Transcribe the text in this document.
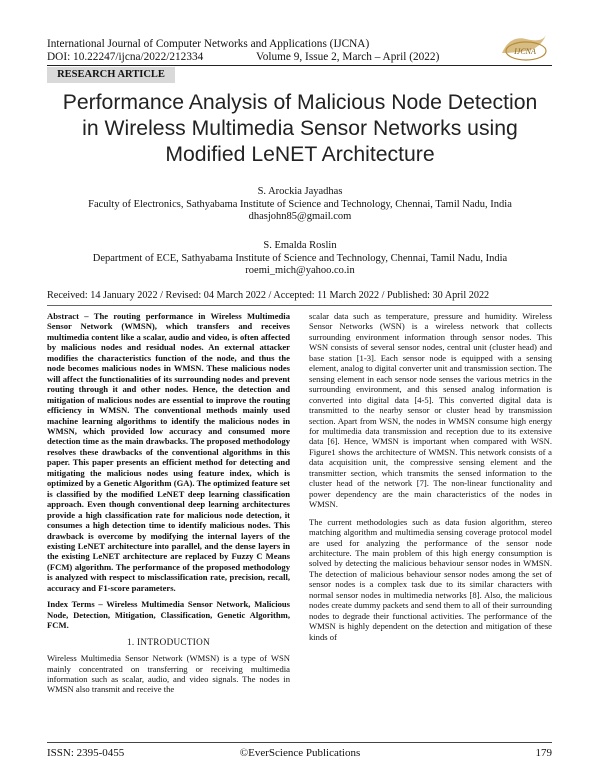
International Journal of Computer Networks and Applications (IJCNA)
DOI: 10.22247/ijcna/2022/212334	Volume 9, Issue 2, March – April (2022)	IJCNA
RESEARCH ARTICLE
Performance Analysis of Malicious Node Detection
in Wireless Multimedia Sensor Networks using
Modified LeNET Architecture
S. Arockia Jayadhas
Faculty of Electronics, Sathyabama Institute of Science and Technology, Chennai, Tamil Nadu, India
dhasjohn85@gmail.com
S. Emalda Roslin
Department of ECE, Sathyabama Institute of Science and Technology, Chennai, Tamil Nadu, India
roemi_mich@yahoo.co.in
Received: 14 January 2022 / Revised: 04 March 2022 / Accepted: 11 March 2022 / Published: 30 April 2022

Abstract – The routing performance in Wireless Multimedia Sensor Network (WMSN), which transfers and receives multimedia content like a scalar, audio and video, is often affected by malicious nodes and residual nodes. An external attacker modifies the characteristics function of the node, and thus the node becomes malicious nodes in WMSN. These malicious nodes will affect the functionalities of its surrounding nodes and prevent routing through it and other nodes. Hence, the detection and mitigation of malicious nodes are essential to improve the routing efficiency in WMSN. The conventional methods mainly used machine learning algorithms to identify the malicious nodes in WMSN, which provided low accuracy and consumed more detection time as the main drawbacks. The proposed methodology resolves these drawbacks of the conventional algorithms in this paper. This paper presents an efficient method for detecting and mitigating the malicious nodes using feature index, which is optimized by a Genetic Algorithm (GA). The optimized feature set is classified by the modified LeNET deep learning classification approach. Even though conventional deep learning architectures provide a high classification rate for malicious node detection, it consumes a high detection time to identify malicious nodes. This drawback is overcome by modifying the internal layers of the existing LeNET architecture into parallel, and the dense layers in the existing LeNET architecture are replaced by Fuzzy C Means (FCM) algorithm. The performance of the proposed methodology is analyzed with respect to misclassification rate, precision, recall, accuracy and F1-score parameters.

Index Terms – Wireless Multimedia Sensor Network, Malicious Node, Detection, Mitigation, Classification, Genetic Algorithm, FCM.

1. INTRODUCTION

Wireless Multimedia Sensor Network (WMSN) is a type of WSN mainly concentrated on transferring or receiving multimedia information such as scalar, audio, and video signals. The nodes in WMSN also transmit and receive the

scalar data such as temperature, pressure and humidity. Wireless Sensor Networks (WSN) is a wireless network that collects surrounding environment information through sensor nodes. This WSN consists of several sensor nodes, central unit (cluster head) and base station [1-3]. Each sensor node is equipped with a sensing element, analog to digital converter unit and transmission section. The sensing element in each sensor node senses the various metrics in the surrounding environment, and this sensed analog information is converted into digital data [4-5]. This converted digital data is transmitted to the nearby sensor or cluster head by transmission section. Apart from WSN, the nodes in WMSN consume high energy for multimedia data transmission and reception due to its extensive data [6]. Hence, WMSN is important when compared with WSN. Figure1 shows the architecture of WMSN. This network consists of a data acquisition unit, the compressive sensing element and the transmitter section, which transmits the sensed information to the cluster head of the network [7]. The non-linear functionality and power dependency are the main characteristics of the nodes in WMSN.

The current methodologies such as data fusion algorithm, stereo matching algorithm and multimedia sensing coverage protocol model are used for analyzing the performance of the sensor node architecture. The main problem of this high energy consumption is solved by detecting the malicious behaviour sensor nodes in WMSN. The detection of malicious behaviour sensor nodes among the set of sensor nodes is a complex task due to its similar characters with normal sensor nodes in multimedia networks [8]. Also, the malicious nodes create dummy packets and send them to all of their surrounding nodes to degrade their functional activities. The performance of the WMSN is highly dependent on the detection and mitigation of these kinds of

ISSN: 2395-0455	©EverScience Publications	179
